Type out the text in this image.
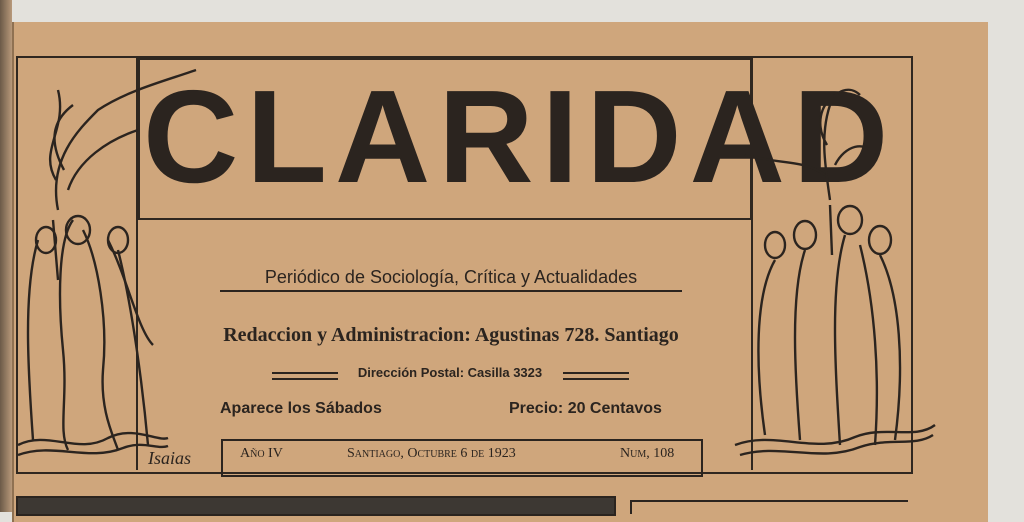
CLARIDAD
Periódico de Sociología, Crítica y Actualidades
Redaccion y Administracion: Agustinas 728. Santiago
Dirección Postal: Casilla 3323
Aparece los Sábados	Precio: 20 Centavos
Año IV	Santiago, Octubre 6 de 1923	Num, 108
Isaias
